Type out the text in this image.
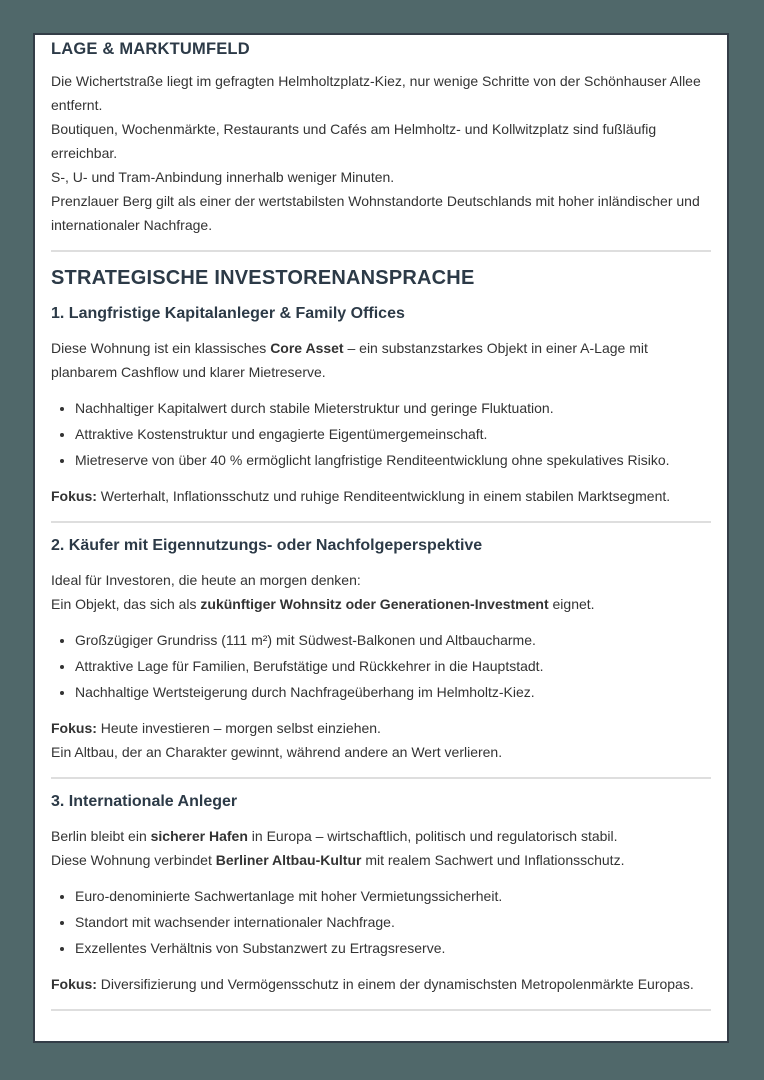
LAGE & MARKTUMFELD

Die Wichertstraße liegt im gefragten Helmholtzplatz-Kiez, nur wenige Schritte von der Schönhauser Allee entfernt.
Boutiquen, Wochenmärkte, Restaurants und Cafés am Helmholtz- und Kollwitzplatz sind fußläufig erreichbar.
S-, U- und Tram-Anbindung innerhalb weniger Minuten.
Prenzlauer Berg gilt als einer der wertstabilsten Wohnstandorte Deutschlands mit hoher inländischer und internationaler Nachfrage.

STRATEGISCHE INVESTORENANSPRACHE
1. Langfristige Kapitalanleger & Family Offices

Diese Wohnung ist ein klassisches Core Asset – ein substanzstarkes Objekt in einer A-Lage mit planbarem Cashflow und klarer Mietreserve.

• Nachhaltiger Kapitalwert durch stabile Mieterstruktur und geringe Fluktuation.
• Attraktive Kostenstruktur und engagierte Eigentümergemeinschaft.
• Mietreserve von über 40 % ermöglicht langfristige Renditeentwicklung ohne spekulatives Risiko.

Fokus: Werterhalt, Inflationsschutz und ruhige Renditeentwicklung in einem stabilen Marktsegment.

2. Käufer mit Eigennutzungs- oder Nachfolgeperspektive

Ideal für Investoren, die heute an morgen denken:
Ein Objekt, das sich als zukünftiger Wohnsitz oder Generationen-Investment eignet.

• Großzügiger Grundriss (111 m²) mit Südwest-Balkonen und Altbaucharme.
• Attraktive Lage für Familien, Berufstätige und Rückkehrer in die Hauptstadt.
• Nachhaltige Wertsteigerung durch Nachfrageüberhang im Helmholtz-Kiez.

Fokus: Heute investieren – morgen selbst einziehen.
Ein Altbau, der an Charakter gewinnt, während andere an Wert verlieren.

3. Internationale Anleger

Berlin bleibt ein sicherer Hafen in Europa – wirtschaftlich, politisch und regulatorisch stabil.
Diese Wohnung verbindet Berliner Altbau-Kultur mit realem Sachwert und Inflationsschutz.

• Euro-denominierte Sachwertanlage mit hoher Vermietungssicherheit.
• Standort mit wachsender internationaler Nachfrage.
• Exzellentes Verhältnis von Substanzwert zu Ertragsreserve.

Fokus: Diversifizierung und Vermögensschutz in einem der dynamischsten Metropolenmärkte Europas.
